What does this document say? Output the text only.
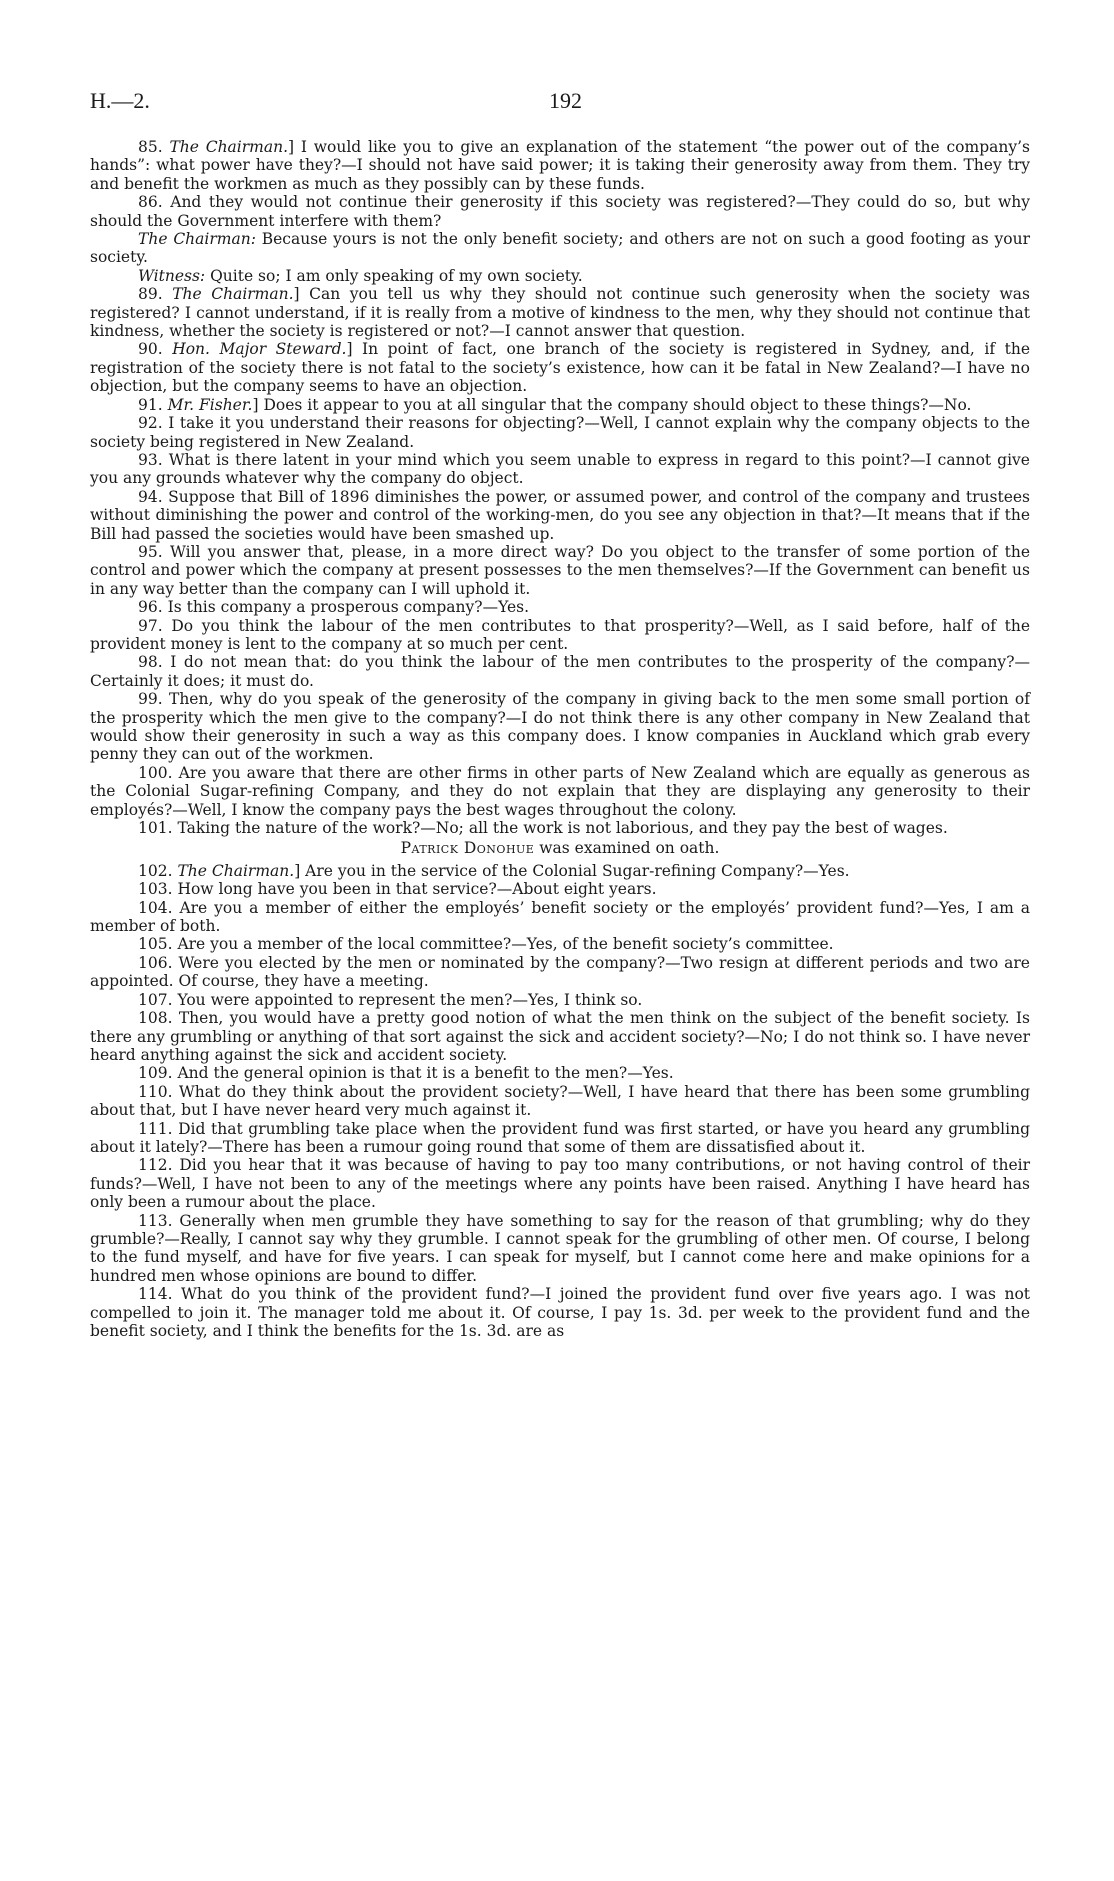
H.—2.	192

85. The Chairman.] I would like you to give an explanation of the statement “the power out of the company’s hands”: what power have they?—I should not have said power; it is taking their generosity away from them. They try and benefit the workmen as much as they possibly can by these funds.

86. And they would not continue their generosity if this society was registered?—They could do so, but why should the Government interfere with them?

The Chairman: Because yours is not the only benefit society; and others are not on such a good footing as your society.

Witness: Quite so; I am only speaking of my own society.

89. The Chairman.] Can you tell us why they should not continue such generosity when the society was registered? I cannot understand, if it is really from a motive of kindness to the men, why they should not continue that kindness, whether the society is registered or not?—I cannot answer that question.

90. Hon. Major Steward.] In point of fact, one branch of the society is registered in Sydney, and, if the registration of the society there is not fatal to the society’s existence, how can it be fatal in New Zealand?—I have no objection, but the company seems to have an objection.

91. Mr. Fisher.] Does it appear to you at all singular that the company should object to these things?—No.

92. I take it you understand their reasons for objecting?—Well, I cannot explain why the company objects to the society being registered in New Zealand.

93. What is there latent in your mind which you seem unable to express in regard to this point?—I cannot give you any grounds whatever why the company do object.

94. Suppose that Bill of 1896 diminishes the power, or assumed power, and control of the company and trustees without diminishing the power and control of the working-men, do you see any objection in that?—It means that if the Bill had passed the societies would have been smashed up.

95. Will you answer that, please, in a more direct way? Do you object to the transfer of some portion of the control and power which the company at present possesses to the men themselves?—If the Government can benefit us in any way better than the company can I will uphold it.

96. Is this company a prosperous company?—Yes.

97. Do you think the labour of the men contributes to that prosperity?—Well, as I said before, half of the provident money is lent to the company at so much per cent.

98. I do not mean that: do you think the labour of the men contributes to the prosperity of the company?—Certainly it does; it must do.

99. Then, why do you speak of the generosity of the company in giving back to the men some small portion of the prosperity which the men give to the company?—I do not think there is any other company in New Zealand that would show their generosity in such a way as this company does. I know companies in Auckland which grab every penny they can out of the workmen.

100. Are you aware that there are other firms in other parts of New Zealand which are equally as generous as the Colonial Sugar-refining Company, and they do not explain that they are displaying any generosity to their employés?—Well, I know the company pays the best wages throughout the colony.

101. Taking the nature of the work?—No; all the work is not laborious, and they pay the best of wages.

Patrick Donohue was examined on oath.

102. The Chairman.] Are you in the service of the Colonial Sugar-refining Company?—Yes.

103. How long have you been in that service?—About eight years.

104. Are you a member of either the employés’ benefit society or the employés’ provident fund?—Yes, I am a member of both.

105. Are you a member of the local committee?—Yes, of the benefit society’s committee.

106. Were you elected by the men or nominated by the company?—Two resign at different periods and two are appointed. Of course, they have a meeting.

107. You were appointed to represent the men?—Yes, I think so.

108. Then, you would have a pretty good notion of what the men think on the subject of the benefit society. Is there any grumbling or anything of that sort against the sick and accident society?—No; I do not think so. I have never heard anything against the sick and accident society.

109. And the general opinion is that it is a benefit to the men?—Yes.

110. What do they think about the provident society?—Well, I have heard that there has been some grumbling about that, but I have never heard very much against it.

111. Did that grumbling take place when the provident fund was first started, or have you heard any grumbling about it lately?—There has been a rumour going round that some of them are dissatisfied about it.

112. Did you hear that it was because of having to pay too many contributions, or not having control of their funds?—Well, I have not been to any of the meetings where any points have been raised. Anything I have heard has only been a rumour about the place.

113. Generally when men grumble they have something to say for the reason of that grumbling; why do they grumble?—Really, I cannot say why they grumble. I cannot speak for the grumbling of other men. Of course, I belong to the fund myself, and have for five years. I can speak for myself, but I cannot come here and make opinions for a hundred men whose opinions are bound to differ.

114. What do you think of the provident fund?—I joined the provident fund over five years ago. I was not compelled to join it. The manager told me about it. Of course, I pay 1s. 3d. per week to the provident fund and the benefit society, and I think the benefits for the 1s. 3d. are as
